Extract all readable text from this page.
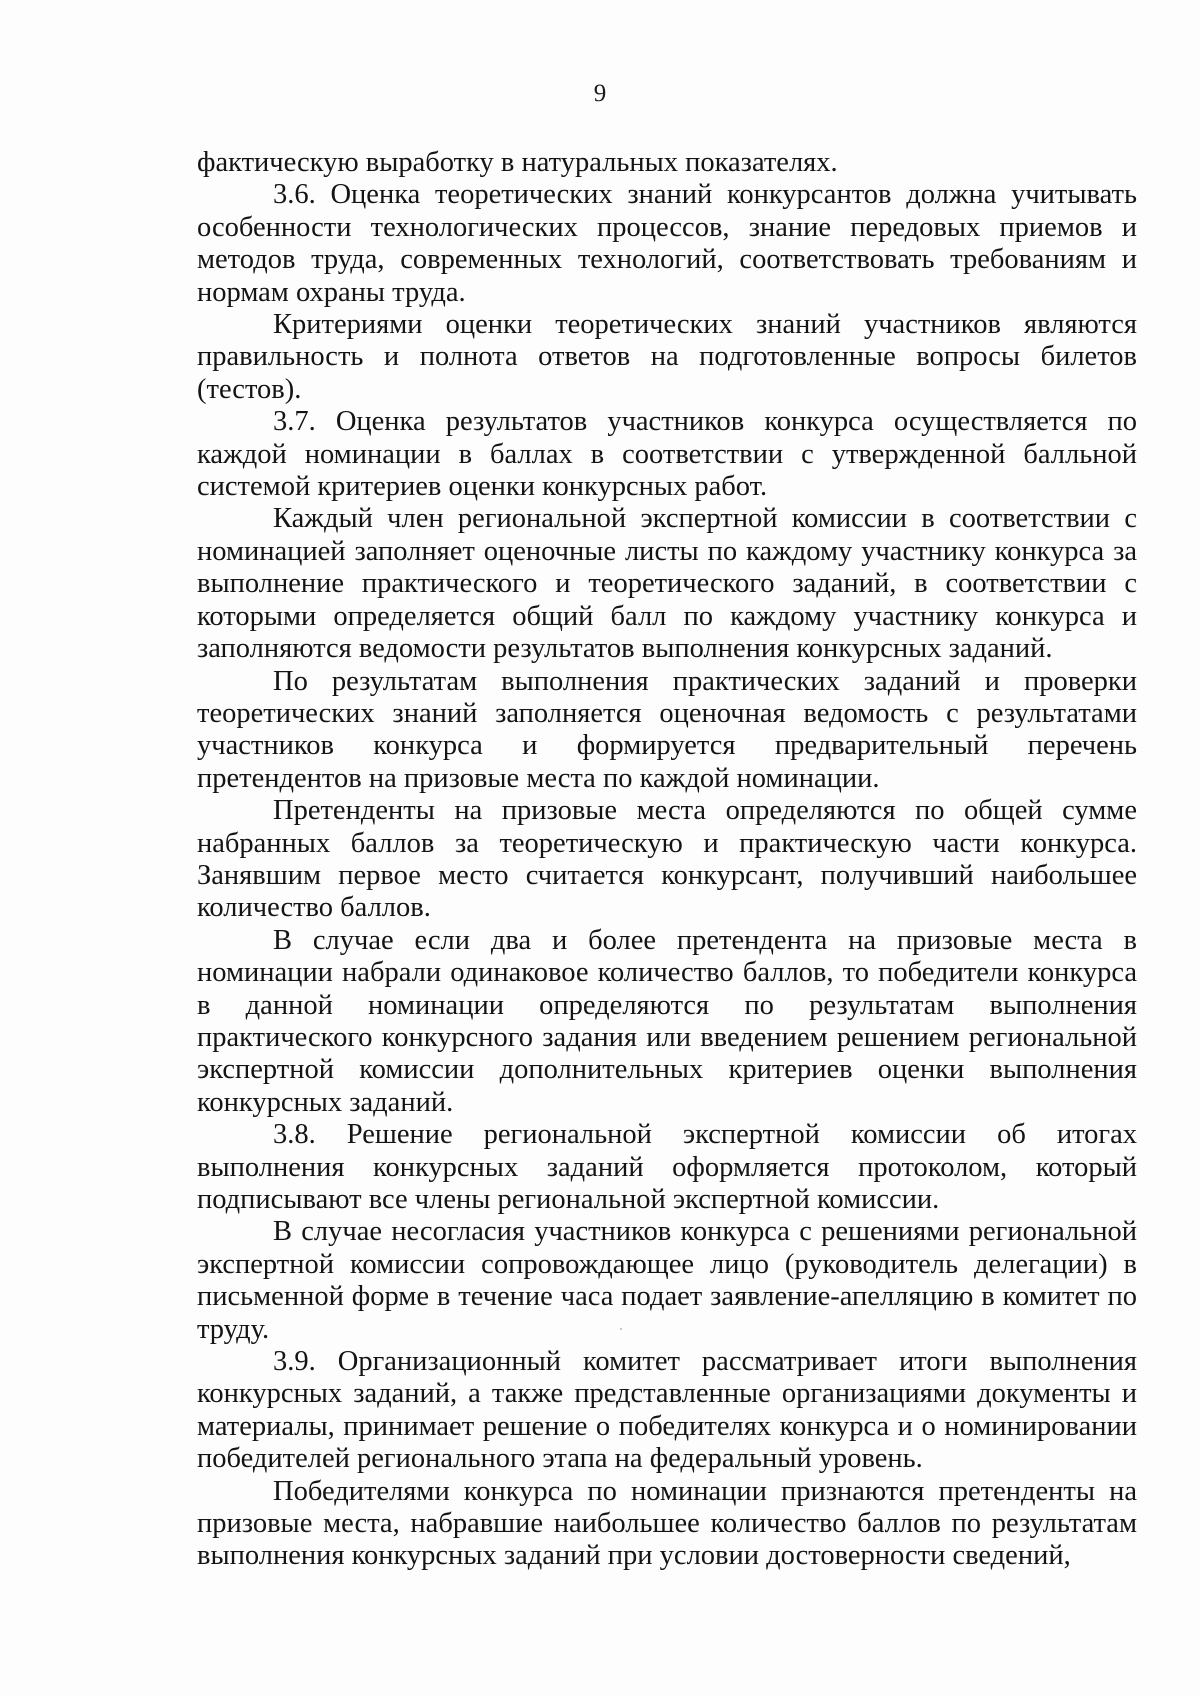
9

фактическую выработку в натуральных показателях.

3.6. Оценка теоретических знаний конкурсантов должна учитывать особенности технологических процессов, знание передовых приемов и методов труда, современных технологий, соответствовать требованиям и нормам охраны труда.

Критериями оценки теоретических знаний участников являются правильность и полнота ответов на подготовленные вопросы билетов (тестов).

3.7. Оценка результатов участников конкурса осуществляется по каждой номинации в баллах в соответствии с утвержденной балльной системой критериев оценки конкурсных работ.

Каждый член региональной экспертной комиссии в соответствии с номинацией заполняет оценочные листы по каждому участнику конкурса за выполнение практического и теоретического заданий, в соответствии с которыми определяется общий балл по каждому участнику конкурса и заполняются ведомости результатов выполнения конкурсных заданий.

По результатам выполнения практических заданий и проверки теоретических знаний заполняется оценочная ведомость с результатами участников конкурса и формируется предварительный перечень претендентов на призовые места по каждой номинации.

Претенденты на призовые места определяются по общей сумме набранных баллов за теоретическую и практическую части конкурса. Занявшим первое место считается конкурсант, получивший наибольшее количество баллов.

В случае если два и более претендента на призовые места в номинации набрали одинаковое количество баллов, то победители конкурса в данной номинации определяются по результатам выполнения практического конкурсного задания или введением решением региональной экспертной комиссии дополнительных критериев оценки выполнения конкурсных заданий.

3.8. Решение региональной экспертной комиссии об итогах выполнения конкурсных заданий оформляется протоколом, который подписывают все члены региональной экспертной комиссии.

В случае несогласия участников конкурса с решениями региональной экспертной комиссии сопровождающее лицо (руководитель делегации) в письменной форме в течение часа подает заявление-апелляцию в комитет по труду.

3.9. Организационный комитет рассматривает итоги выполнения конкурсных заданий, а также представленные организациями документы и материалы, принимает решение о победителях конкурса и о номинировании победителей регионального этапа на федеральный уровень.

Победителями конкурса по номинации признаются претенденты на призовые места, набравшие наибольшее количество баллов по результатам выполнения конкурсных заданий при условии достоверности сведений,
